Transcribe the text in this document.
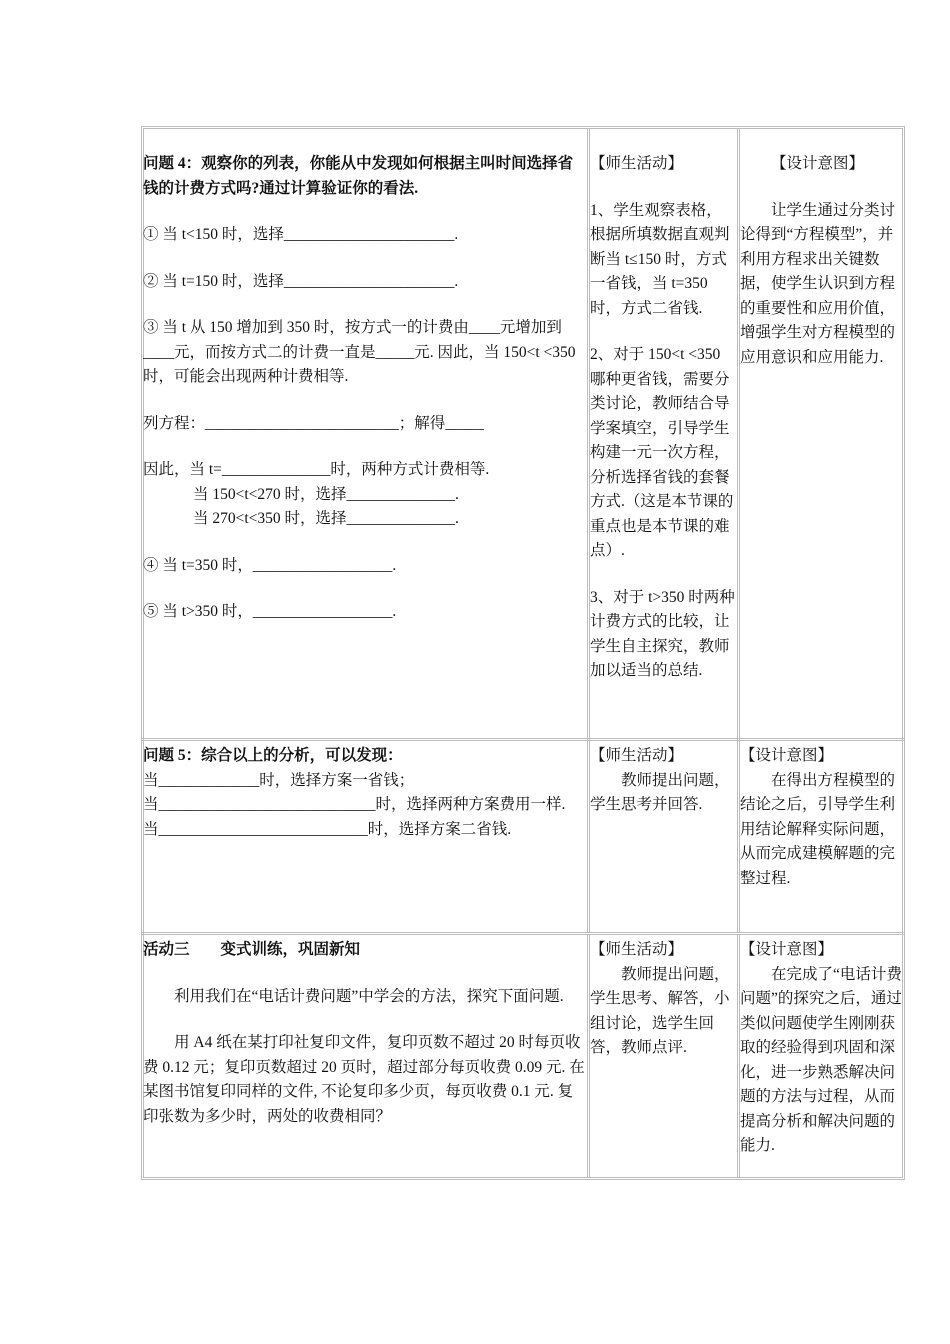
问题 4：观察你的列表，你能从中发现如何根据主叫时间选择省钱的计费方式吗?通过计算验证你的看法.

① 当 t<150 时，选择______________________.

② 当 t=150 时，选择______________________.

③ 当 t 从 150 增加到 350 时，按方式一的计费由____元增加到____元，而按方式二的计费一直是_____元. 因此，当 150<t <350 时，可能会出现两种计费相等.

列方程：_________________________；解得_____

因此，当 t=______________时，两种方式计费相等.

当 150<t<270 时，选择______________.

当 270<t<350 时，选择______________.

④ 当 t=350 时，__________________.

⑤ 当 t>350 时，__________________.

【师生活动】

1、学生观察表格，根据所填数据直观判断当 t≤150 时，方式一省钱，当 t=350 时，方式二省钱.

2、对于 150<t <350 哪种更省钱，需要分类讨论，教师结合导学案填空，引导学生构建一元一次方程，分析选择省钱的套餐方式.（这是本节课的重点也是本节课的难点）.

3、对于 t>350 时两种计费方式的比较，让学生自主探究，教师加以适当的总结.

【设计意图】

让学生通过分类讨论得到“方程模型”，并利用方程求出关键数据，使学生认识到方程的重要性和应用价值，增强学生对方程模型的应用意识和应用能力.

问题 5：综合以上的分析，可以发现：

当_____________时，选择方案一省钱；

当____________________________时，选择两种方案费用一样.

当___________________________时，选择方案二省钱.

【师生活动】

教师提出问题，学生思考并回答.

【设计意图】

在得出方程模型的结论之后，引导学生利用结论解释实际问题，从而完成建模解题的完整过程.

活动三　　变式训练，巩固新知

利用我们在“电话计费问题”中学会的方法，探究下面问题.

用 A4 纸在某打印社复印文件，复印页数不超过 20 时每页收费 0.12 元；复印页数超过 20 页时，超过部分每页收费 0.09 元. 在某图书馆复印同样的文件, 不论复印多少页，每页收费 0.1 元. 复印张数为多少时，两处的收费相同？

【师生活动】

教师提出问题，学生思考、解答，小组讨论，选学生回答，教师点评.

【设计意图】

在完成了“电话计费问题”的探究之后，通过类似问题使学生刚刚获取的经验得到巩固和深化，进一步熟悉解决问题的方法与过程，从而提高分析和解决问题的能力.
